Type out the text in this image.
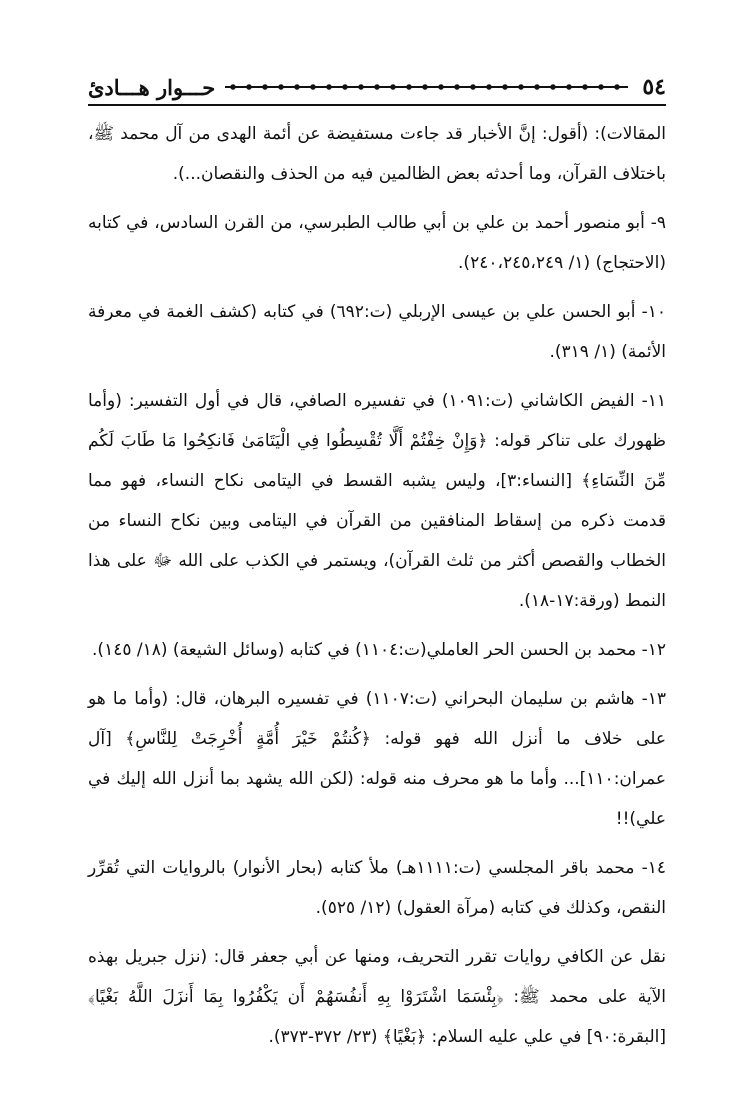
٥٤
حـــوار هـــادئ

المقالات): (أقول: إنَّ الأخبار قد جاءت مستفيضة عن أئمة الهدى من آل محمد ﷺ، باختلاف القرآن، وما أحدثه بعض الظالمين فيه من الحذف والنقصان...).

٩- أبو منصور أحمد بن علي بن أبي طالب الطبرسي، من القرن السادس، في كتابه (الاحتجاج) (١/ ٢٤٠،٢٤٥،٢٤٩).

١٠- أبو الحسن علي بن عيسى الإربلي (ت:٦٩٢) في كتابه (كشف الغمة في معرفة الأئمة) (١/ ٣١٩).

١١- الفيض الكاشاني (ت:١٠٩١) في تفسيره الصافي، قال في أول التفسير: (وأما ظهورك على تناكر قوله: ﴿وَإِنْ خِفْتُمْ أَلَّا تُقْسِطُوا فِي الْيَتَامَىٰ فَانكِحُوا مَا طَابَ لَكُم مِّنَ النِّسَاءِ﴾ [النساء:٣]، وليس يشبه القسط في اليتامى نكاح النساء، فهو مما قدمت ذكره من إسقاط المنافقين من القرآن في اليتامى وبين نكاح النساء من الخطاب والقصص أكثر من ثلث القرآن)، ويستمر في الكذب على الله ﷻ على هذا النمط (ورقة:١٧-١٨).

١٢- محمد بن الحسن الحر العاملي(ت:١١٠٤) في كتابه (وسائل الشيعة) (١٨/ ١٤٥).

١٣- هاشم بن سليمان البحراني (ت:١١٠٧) في تفسيره البرهان، قال: (وأما ما هو على خلاف ما أنزل الله فهو قوله: ﴿كُنتُمْ خَيْرَ أُمَّةٍ أُخْرِجَتْ لِلنَّاسِ﴾ [آل عمران:١١٠]... وأما ما هو محرف منه قوله: (لكن الله يشهد بما أنزل الله إليك في علي)!!

١٤- محمد باقر المجلسي (ت:١١١١هـ) ملأ كتابه (بحار الأنوار) بالروايات التي تُقرِّر النقص، وكذلك في كتابه (مرآة العقول) (١٢/ ٥٢٥).

نقل عن الكافي روايات تقرر التحريف، ومنها عن أبي جعفر قال: (نزل جبريل بهذه الآية على محمد ﷺ: ﴿بِئْسَمَا اشْتَرَوْا بِهِ أَنفُسَهُمْ أَن يَكْفُرُوا بِمَا أَنزَلَ اللَّهُ بَغْيًا﴾ [البقرة:٩٠] في علي عليه السلام: ﴿بَغْيًا﴾ (٢٣/ ٣٧٢-٣٧٣).
